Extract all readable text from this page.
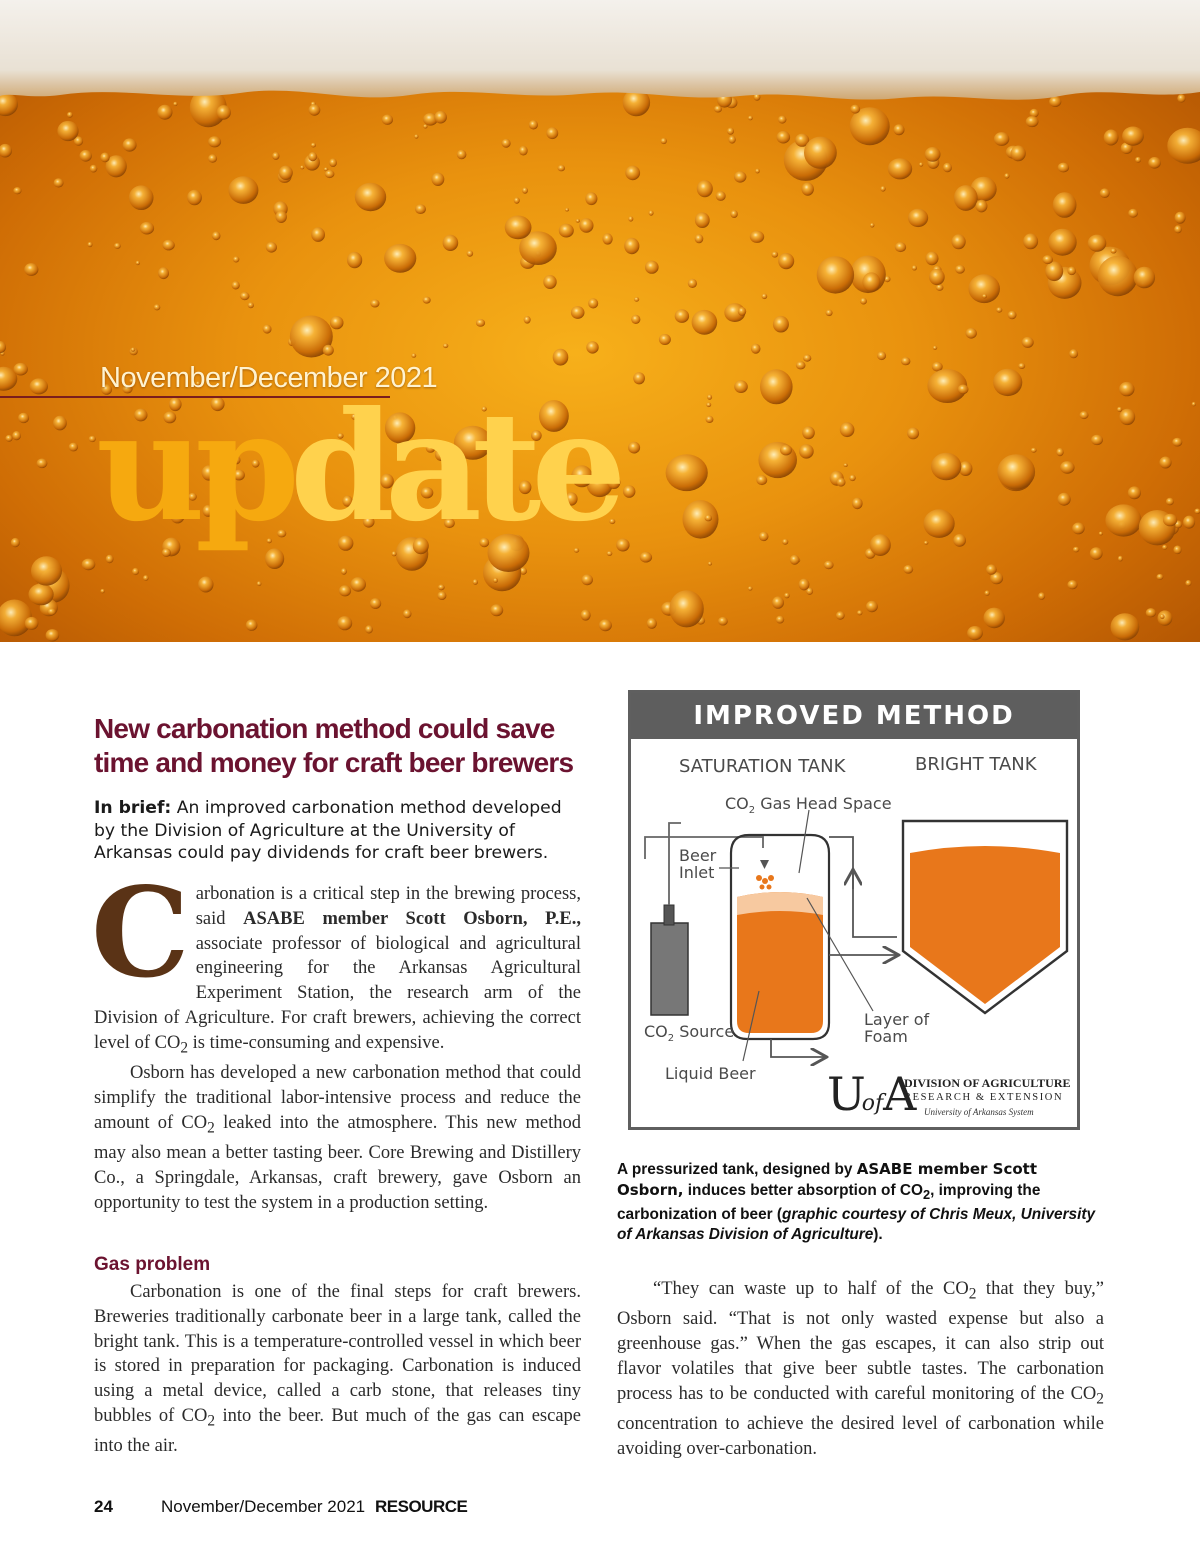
November/December 2021
update
New carbonation method could save time and money for craft beer brewers

In brief: An improved carbonation method developed by the Division of Agriculture at the University of Arkansas could pay dividends for craft beer brewers.

Carbonation is a critical step in the brewing process, said ASABE member Scott Osborn, P.E., associate professor of biological and agricultural engineering for the Arkansas Agricultural Experiment Station, the research arm of the Division of Agriculture. For craft brewers, achieving the correct level of $CO_2$ is time-consuming and expensive.

Osborn has developed a new carbonation method that could simplify the traditional labor-intensive process and reduce the amount of $CO_2$ leaked into the atmosphere. This new method may also mean a better tasting beer. Core Brewing and Distillery Co., a Springdale, Arkansas, craft brewery, gave Osborn an opportunity to test the system in a production setting.

Gas problem

Carbonation is one of the final steps for craft brewers. Breweries traditionally carbonate beer in a large tank, called the bright tank. This is a temperature-controlled vessel in which beer is stored in preparation for packaging. Carbonation is induced using a metal device, called a carb stone, that releases tiny bubbles of $CO_2$ into the beer. But much of the gas can escape into the air.

IMPROVED METHOD
SATURATION TANK	BRIGHT TANK
$CO_2$ Gas Head Space
Beer
Inlet
$CO_2$ Source
Layer of
Foam
Liquid Beer UofA
DIVISION OF AGRICULTURE
RESEARCH & EXTENSION
University of Arkansas System

A pressurized tank, designed by ASABE member Scott Osborn, induces better absorption of $CO_2$, improving the carbonization of beer (graphic courtesy of Chris Meux, University of Arkansas Division of Agriculture).

“They can waste up to half of the $CO_2$ that they buy,” Osborn said. “That is not only wasted expense but also a greenhouse gas.” When the gas escapes, it can also strip out flavor volatiles that give beer subtle tastes. The carbonation process has to be conducted with careful monitoring of the $CO_2$ concentration to achieve the desired level of carbonation while avoiding over-carbonation.

24	November/December 2021 RESOURCE
